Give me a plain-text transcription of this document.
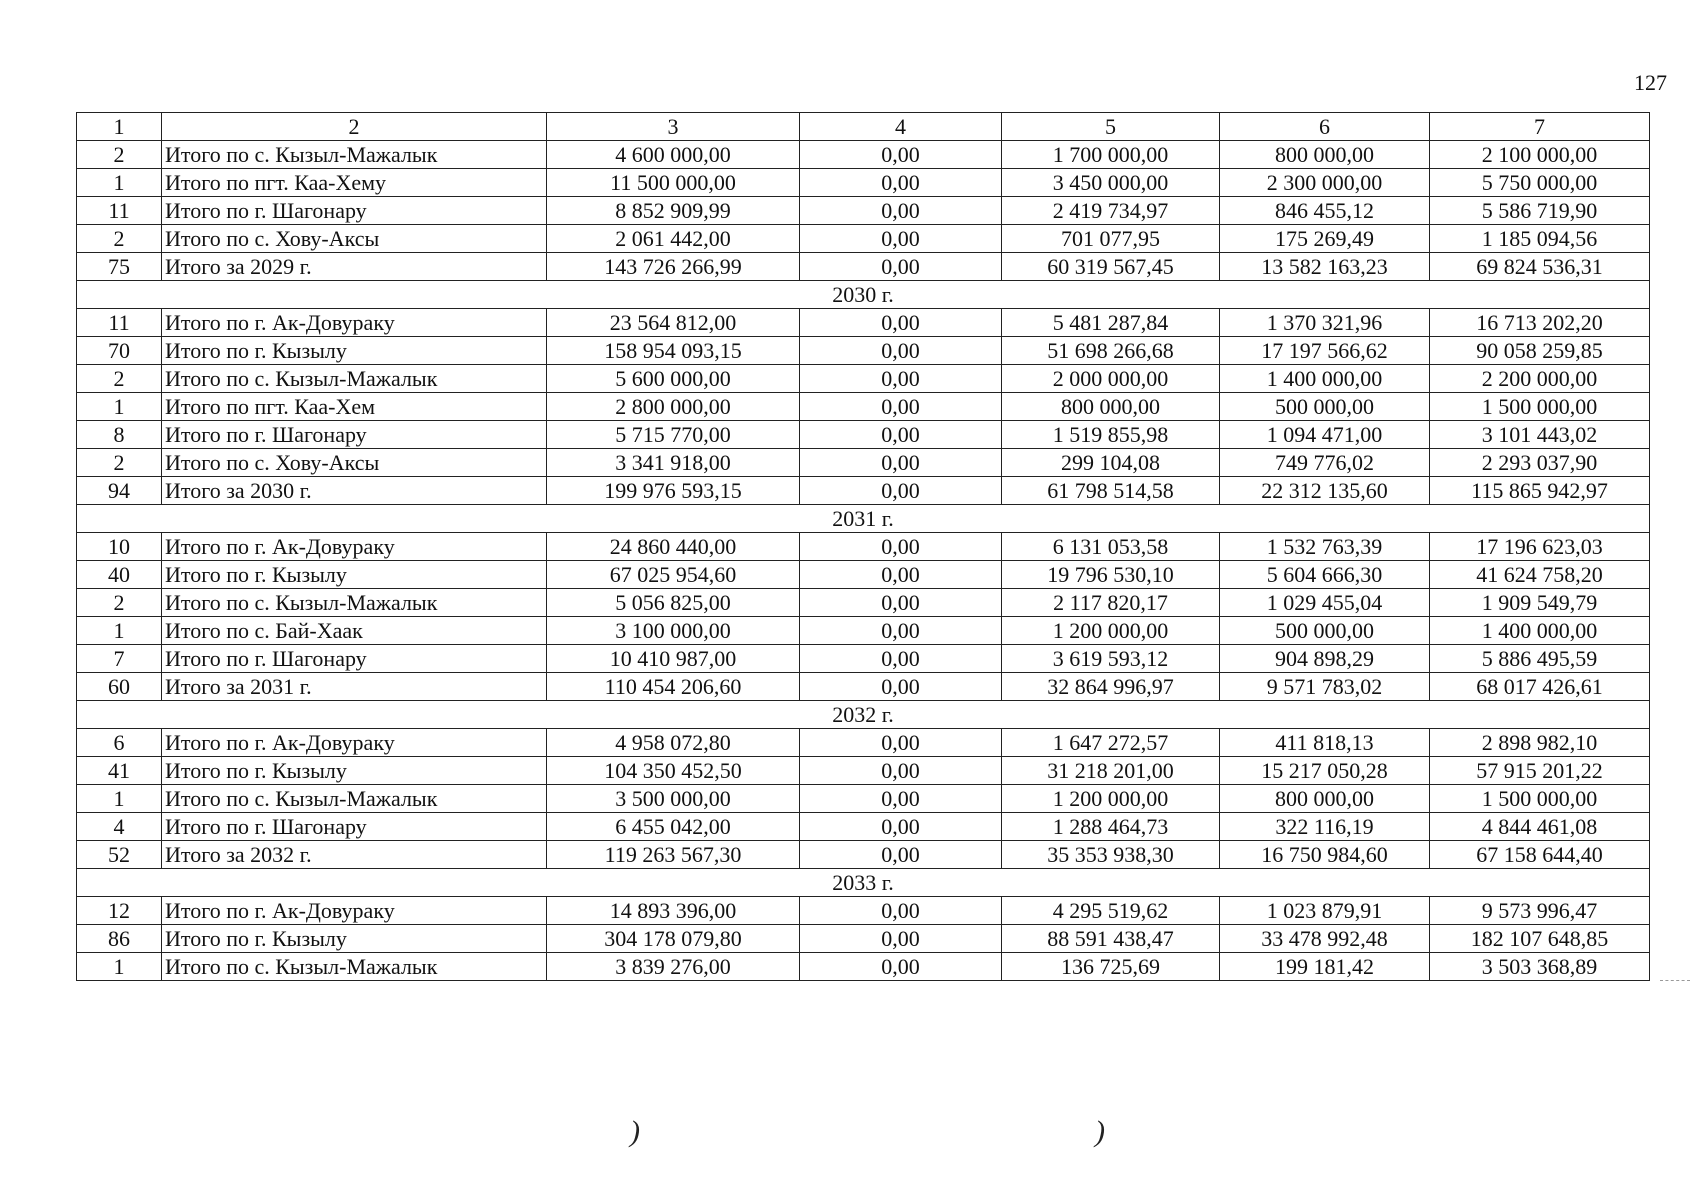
127
1	2	3	4	5	6	7
2	Итого по с. Кызыл-Мажалык	4 600 000,00	0,00	1 700 000,00	800 000,00	2 100 000,00
1	Итого по пгт. Каа-Хему	11 500 000,00	0,00	3 450 000,00	2 300 000,00	5 750 000,00
11	Итого по г. Шагонару	8 852 909,99	0,00	2 419 734,97	846 455,12	5 586 719,90
2	Итого по с. Хову-Аксы	2 061 442,00	0,00	701 077,95	175 269,49	1 185 094,56
75	Итого за 2029 г.	143 726 266,99	0,00	60 319 567,45	13 582 163,23	69 824 536,31
2030 г.						
11	Итого по г. Ак-Довураку	23 564 812,00	0,00	5 481 287,84	1 370 321,96	16 713 202,20
70	Итого по г. Кызылу	158 954 093,15	0,00	51 698 266,68	17 197 566,62	90 058 259,85
2	Итого по с. Кызыл-Мажалык	5 600 000,00	0,00	2 000 000,00	1 400 000,00	2 200 000,00
1	Итого по пгт. Каа-Хем	2 800 000,00	0,00	800 000,00	500 000,00	1 500 000,00
8	Итого по г. Шагонару	5 715 770,00	0,00	1 519 855,98	1 094 471,00	3 101 443,02
2	Итого по с. Хову-Аксы	3 341 918,00	0,00	299 104,08	749 776,02	2 293 037,90
94	Итого за 2030 г.	199 976 593,15	0,00	61 798 514,58	22 312 135,60	115 865 942,97
2031 г.						
10	Итого по г. Ак-Довураку	24 860 440,00	0,00	6 131 053,58	1 532 763,39	17 196 623,03
40	Итого по г. Кызылу	67 025 954,60	0,00	19 796 530,10	5 604 666,30	41 624 758,20
2	Итого по с. Кызыл-Мажалык	5 056 825,00	0,00	2 117 820,17	1 029 455,04	1 909 549,79
1	Итого по с. Бай-Хаак	3 100 000,00	0,00	1 200 000,00	500 000,00	1 400 000,00
7	Итого по г. Шагонару	10 410 987,00	0,00	3 619 593,12	904 898,29	5 886 495,59
60	Итого за 2031 г.	110 454 206,60	0,00	32 864 996,97	9 571 783,02	68 017 426,61
2032 г.						
6	Итого по г. Ак-Довураку	4 958 072,80	0,00	1 647 272,57	411 818,13	2 898 982,10
41	Итого по г. Кызылу	104 350 452,50	0,00	31 218 201,00	15 217 050,28	57 915 201,22
1	Итого по с. Кызыл-Мажалык	3 500 000,00	0,00	1 200 000,00	800 000,00	1 500 000,00
4	Итого по г. Шагонару	6 455 042,00	0,00	1 288 464,73	322 116,19	4 844 461,08
52	Итого за 2032 г.	119 263 567,30	0,00	35 353 938,30	16 750 984,60	67 158 644,40
2033 г.						
12	Итого по г. Ак-Довураку	14 893 396,00	0,00	4 295 519,62	1 023 879,91	9 573 996,47
86	Итого по г. Кызылу	304 178 079,80	0,00	88 591 438,47	33 478 992,48	182 107 648,85
1	Итого по с. Кызыл-Мажалык	3 839 276,00	0,00	136 725,69	199 181,42	3 503 368,89
)	)
